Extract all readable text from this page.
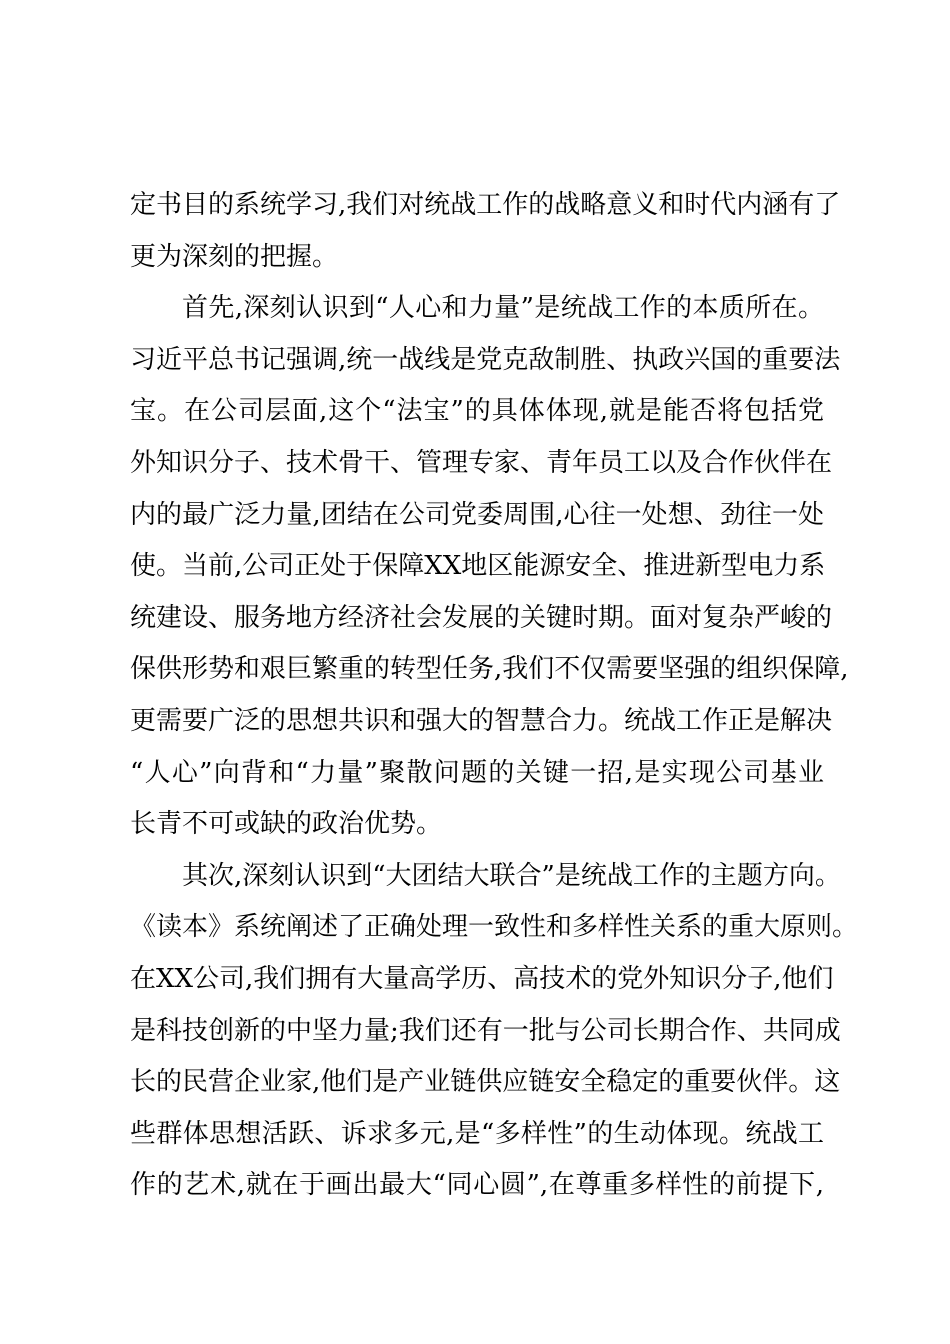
定书目的系统学习,我们对统战工作的战略意义和时代内涵有了
更为深刻的把握。
首先,深刻认识到“人心和力量”是统战工作的本质所在。
习近平总书记强调,统一战线是党克敌制胜、执政兴国的重要法
宝。在公司层面,这个“法宝”的具体体现,就是能否将包括党
外知识分子、技术骨干、管理专家、青年员工以及合作伙伴在
内的最广泛力量,团结在公司党委周围,心往一处想、劲往一处
使。当前,公司正处于保障XX地区能源安全、推进新型电力系
统建设、服务地方经济社会发展的关键时期。面对复杂严峻的
保供形势和艰巨繁重的转型任务,我们不仅需要坚强的组织保障,
更需要广泛的思想共识和强大的智慧合力。统战工作正是解决
“人心”向背和“力量”聚散问题的关键一招,是实现公司基业
长青不可或缺的政治优势。
其次,深刻认识到“大团结大联合”是统战工作的主题方向。
《读本》系统阐述了正确处理一致性和多样性关系的重大原则。
在XX公司,我们拥有大量高学历、高技术的党外知识分子,他们
是科技创新的中坚力量;我们还有一批与公司长期合作、共同成
长的民营企业家,他们是产业链供应链安全稳定的重要伙伴。这
些群体思想活跃、诉求多元,是“多样性”的生动体现。统战工
作的艺术,就在于画出最大“同心圆”,在尊重多样性的前提下,
